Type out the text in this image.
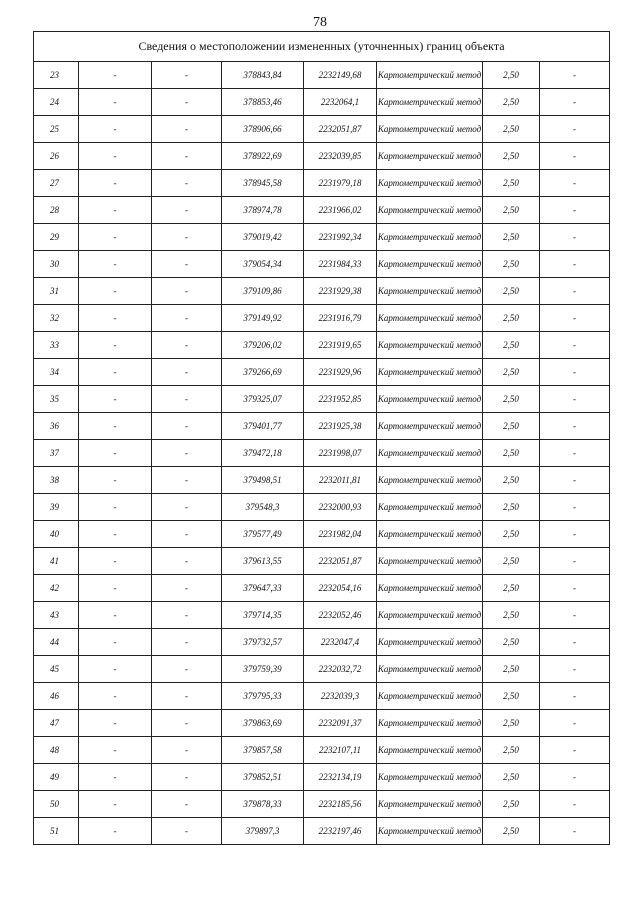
78
Сведения о местоположении измененных (уточненных) границ объекта							
23	-	-	378843,84	2232149,68	Картометрический метод	2,50	-
24	-	-	378853,46	2232064,1	Картометрический метод	2,50	-
25	-	-	378906,66	2232051,87	Картометрический метод	2,50	-
26	-	-	378922,69	2232039,85	Картометрический метод	2,50	-
27	-	-	378945,58	2231979,18	Картометрический метод	2,50	-
28	-	-	378974,78	2231966,02	Картометрический метод	2,50	-
29	-	-	379019,42	2231992,34	Картометрический метод	2,50	-
30	-	-	379054,34	2231984,33	Картометрический метод	2,50	-
31	-	-	379109,86	2231929,38	Картометрический метод	2,50	-
32	-	-	379149,92	2231916,79	Картометрический метод	2,50	-
33	-	-	379206,02	2231919,65	Картометрический метод	2,50	-
34	-	-	379266,69	2231929,96	Картометрический метод	2,50	-
35	-	-	379325,07	2231952,85	Картометрический метод	2,50	-
36	-	-	379401,77	2231925,38	Картометрический метод	2,50	-
37	-	-	379472,18	2231998,07	Картометрический метод	2,50	-
38	-	-	379498,51	2232011,81	Картометрический метод	2,50	-
39	-	-	379548,3	2232000,93	Картометрический метод	2,50	-
40	-	-	379577,49	2231982,04	Картометрический метод	2,50	-
41	-	-	379613,55	2232051,87	Картометрический метод	2,50	-
42	-	-	379647,33	2232054,16	Картометрический метод	2,50	-
43	-	-	379714,35	2232052,46	Картометрический метод	2,50	-
44	-	-	379732,57	2232047,4	Картометрический метод	2,50	-
45	-	-	379759,39	2232032,72	Картометрический метод	2,50	-
46	-	-	379795,33	2232039,3	Картометрический метод	2,50	-
47	-	-	379863,69	2232091,37	Картометрический метод	2,50	-
48	-	-	379857,58	2232107,11	Картометрический метод	2,50	-
49	-	-	379852,51	2232134,19	Картометрический метод	2,50	-
50	-	-	379878,33	2232185,56	Картометрический метод	2,50	-
51	-	-	379897,3	2232197,46	Картометрический метод	2,50	-
